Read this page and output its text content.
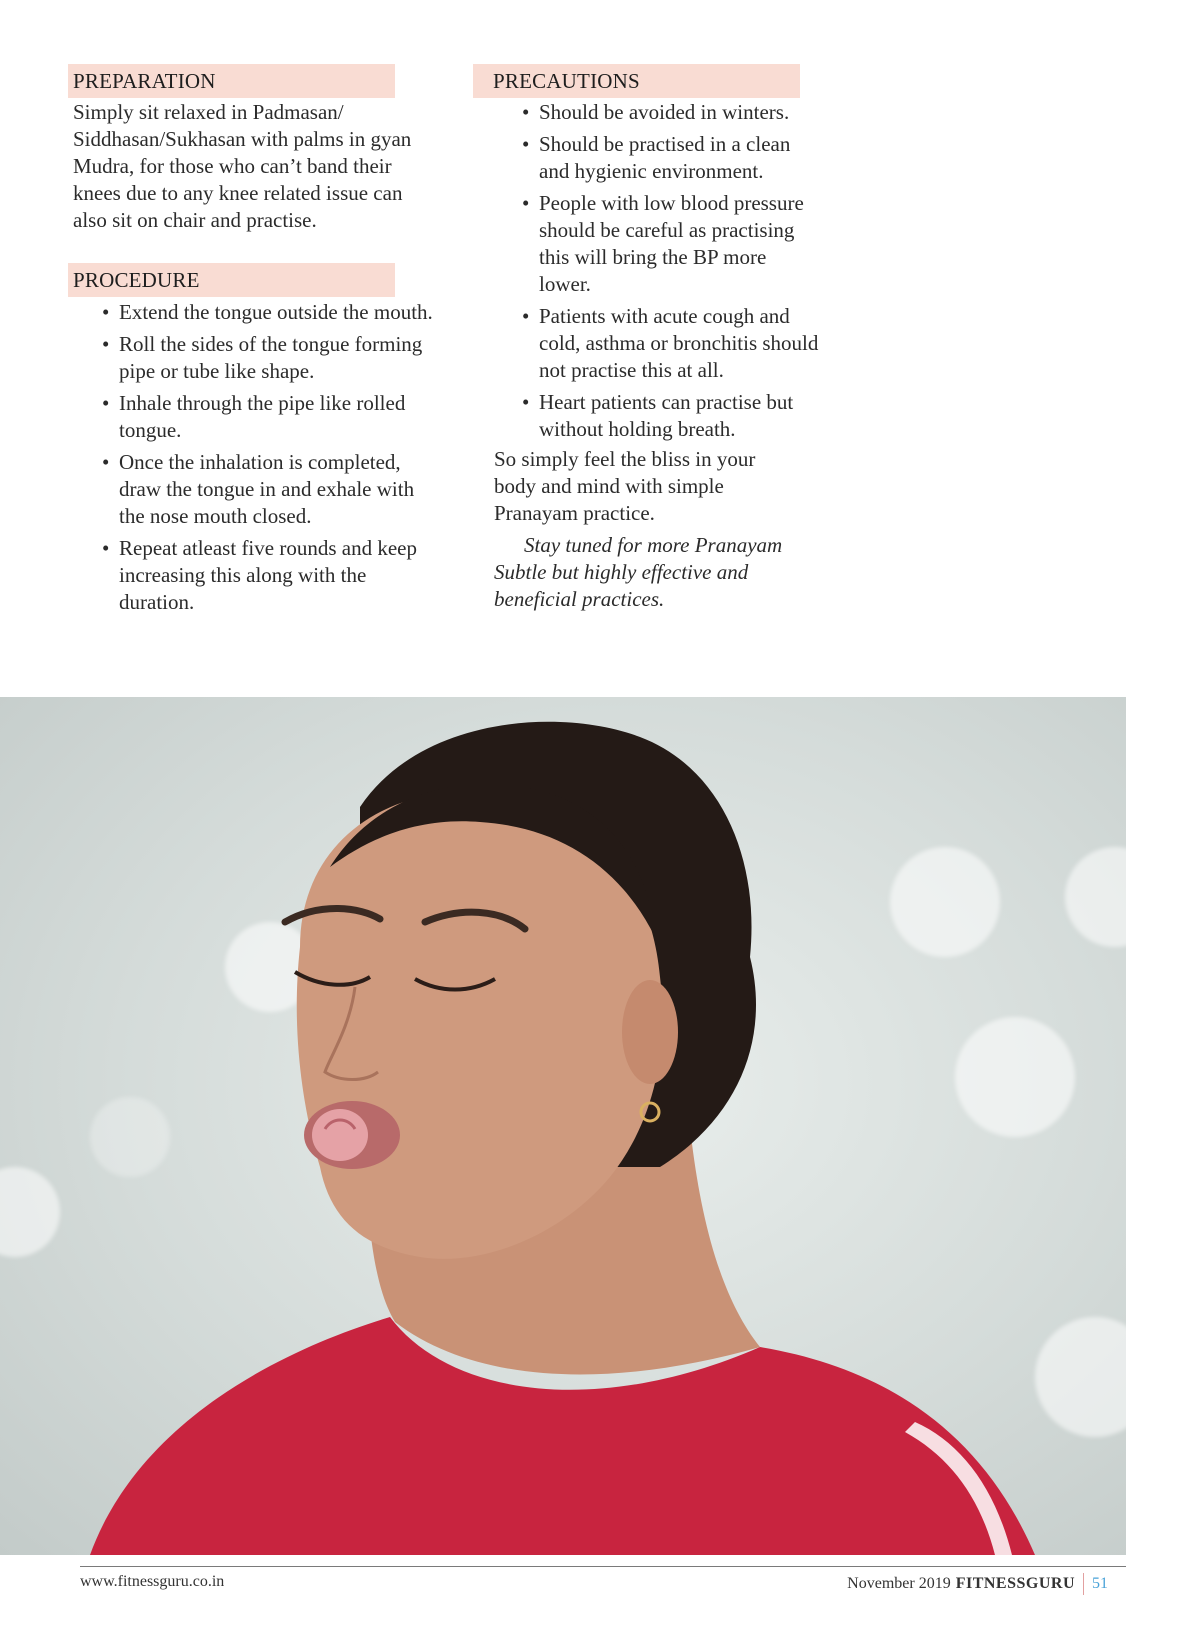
PREPARATION

Simply sit relaxed in Padmasan/ Siddhasan/Sukhasan with palms in gyan Mudra, for those who can’t band their knees due to any knee related issue can also sit on chair and practise.

PROCEDURE
• Extend the tongue outside the mouth.
• Roll the sides of the tongue forming pipe or tube like shape.
• Inhale through the pipe like rolled tongue.
• Once the inhalation is completed, draw the tongue in and exhale with the nose mouth closed.
• Repeat atleast five rounds and keep increasing this along with the duration.
PRECAUTIONS
• Should be avoided in winters.
• Should be practised in a clean and hygienic environment.
• People with low blood pressure should be careful as practising this will bring the BP more lower.
• Patients with acute cough and cold, asthma or bronchitis should not practise this at all.
• Heart patients can practise but without holding breath.

So simply feel the bliss in your body and mind with simple Pranayam practice.

Stay tuned for more Pranayam Subtle but highly effective and beneficial practices.

www.fitnessguru.co.in	November 2019 FITNESSGURU 51
